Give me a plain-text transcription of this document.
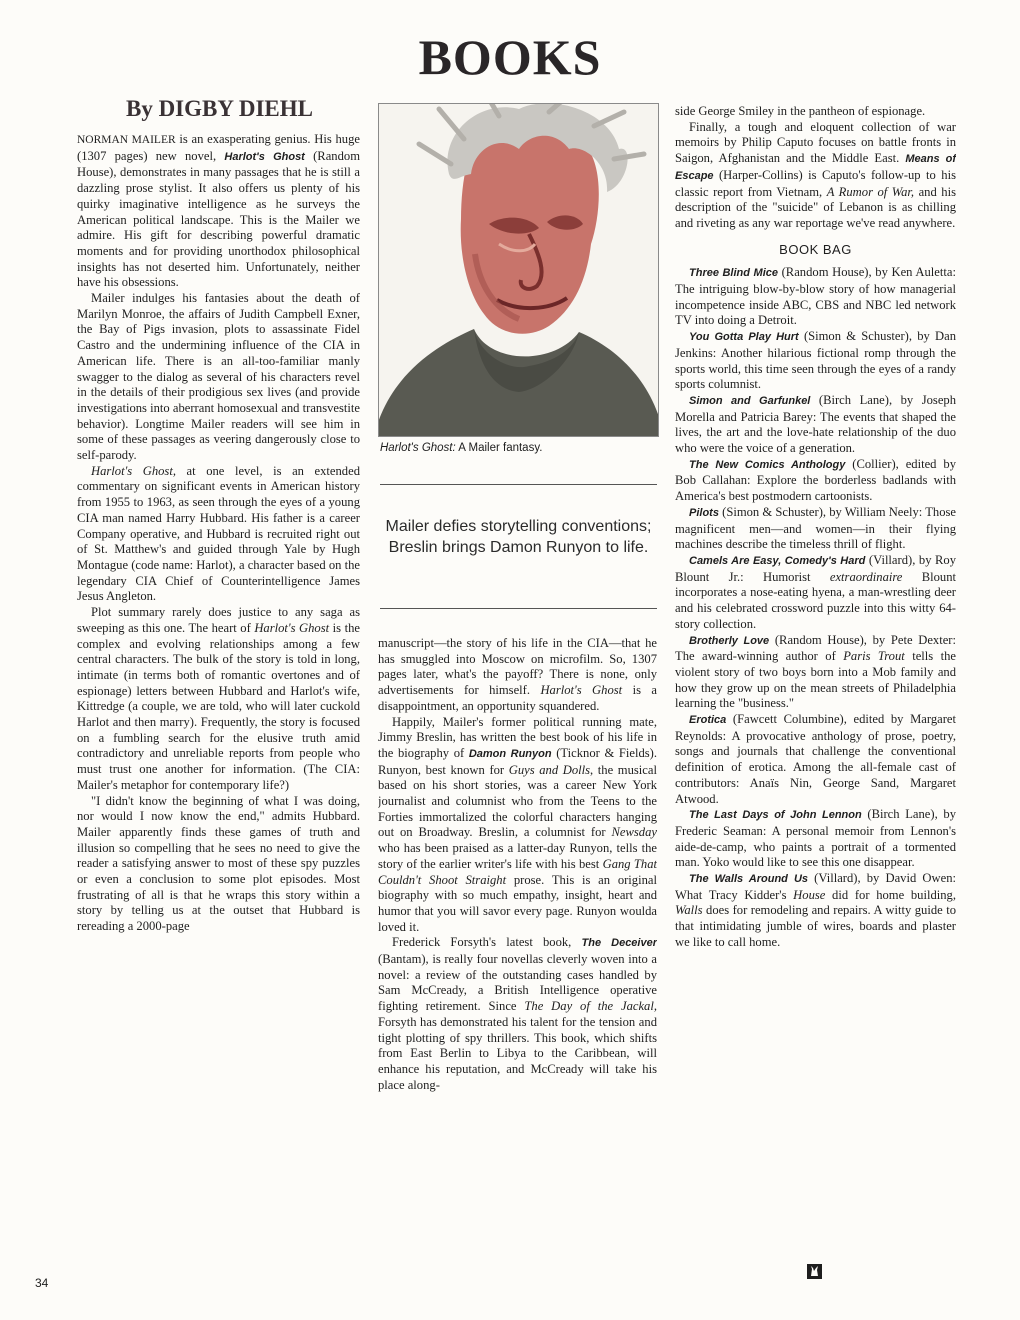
BOOKS
By DIGBY DIEHL

NORMAN MAILER is an exasperating genius. His huge (1307 pages) new novel, Harlot's Ghost (Random House), demonstrates in many passages that he is still a dazzling prose stylist. It also offers us plenty of his quirky imaginative intelligence as he surveys the American political landscape. This is the Mailer we admire. His gift for describing powerful dramatic moments and for providing unorthodox philosophical insights has not deserted him. Unfortunately, neither have his obsessions.

Mailer indulges his fantasies about the death of Marilyn Monroe, the affairs of Judith Campbell Exner, the Bay of Pigs invasion, plots to assassinate Fidel Castro and the undermining influence of the CIA in American life. There is an all-too-familiar manly swagger to the dialog as several of his characters revel in the details of their prodigious sex lives (and provide investigations into aberrant homosexual and transvestite behavior). Longtime Mailer readers will see him in some of these passages as veering dangerously close to self-parody.

Harlot's Ghost, at one level, is an extended commentary on significant events in American history from 1955 to 1963, as seen through the eyes of a young CIA man named Harry Hubbard. His father is a career Company operative, and Hubbard is recruited right out of St. Matthew's and guided through Yale by Hugh Montague (code name: Harlot), a character based on the legendary CIA Chief of Counterintelligence James Jesus Angleton.

Plot summary rarely does justice to any saga as sweeping as this one. The heart of Harlot's Ghost is the complex and evolving relationships among a few central characters. The bulk of the story is told in long, intimate (in terms both of romantic overtones and of espionage) letters between Hubbard and Harlot's wife, Kittredge (a couple, we are told, who will later cuckold Harlot and then marry). Frequently, the story is focused on a fumbling search for the elusive truth amid contradictory and unreliable reports from people who must trust one another for information. (The CIA: Mailer's metaphor for contemporary life?)

"I didn't know the beginning of what I was doing, nor would I now know the end," admits Hubbard. Mailer apparently finds these games of truth and illusion so compelling that he sees no need to give the reader a satisfying answer to most of these spy puzzles or even a conclusion to some plot episodes. Most frustrating of all is that he wraps this story within a story by telling us at the outset that Hubbard is rereading a 2000-page

Harlot's Ghost: A Mailer fantasy.
Mailer defies storytelling conventions; Breslin brings Damon Runyon to life.

manuscript—the story of his life in the CIA—that he has smuggled into Moscow on microfilm. So, 1307 pages later, what's the payoff? There is none, only advertisements for himself. Harlot's Ghost is a disappointment, an opportunity squandered.

Happily, Mailer's former political running mate, Jimmy Breslin, has written the best book of his life in the biography of Damon Runyon (Ticknor & Fields). Runyon, best known for Guys and Dolls, the musical based on his short stories, was a career New York journalist and columnist who from the Teens to the Forties immortalized the colorful characters hanging out on Broadway. Breslin, a columnist for Newsday who has been praised as a latter-day Runyon, tells the story of the earlier writer's life with his best Gang That Couldn't Shoot Straight prose. This is an original biography with so much empathy, insight, heart and humor that you will savor every page. Runyon woulda loved it.

Frederick Forsyth's latest book, The Deceiver (Bantam), is really four novellas cleverly woven into a novel: a review of the outstanding cases handled by Sam McCready, a British Intelligence operative fighting retirement. Since The Day of the Jackal, Forsyth has demonstrated his talent for the tension and tight plotting of spy thrillers. This book, which shifts from East Berlin to Libya to the Caribbean, will enhance his reputation, and McCready will take his place along-

side George Smiley in the pantheon of espionage.

Finally, a tough and eloquent collection of war memoirs by Philip Caputo focuses on battle fronts in Saigon, Afghanistan and the Middle East. Means of Escape (Harper-Collins) is Caputo's follow-up to his classic report from Vietnam, A Rumor of War, and his description of the "suicide" of Lebanon is as chilling and riveting as any war reportage we've read anywhere.

BOOK BAG

Three Blind Mice (Random House), by Ken Auletta: The intriguing blow-by-blow story of how managerial incompetence inside ABC, CBS and NBC led network TV into doing a Detroit.

You Gotta Play Hurt (Simon & Schuster), by Dan Jenkins: Another hilarious fictional romp through the sports world, this time seen through the eyes of a randy sports columnist.

Simon and Garfunkel (Birch Lane), by Joseph Morella and Patricia Barey: The events that shaped the lives, the art and the love-hate relationship of the duo who were the voice of a generation.

The New Comics Anthology (Collier), edited by Bob Callahan: Explore the borderless badlands with America's best postmodern cartoonists.

Pilots (Simon & Schuster), by William Neely: Those magnificent men—and women—in their flying machines describe the timeless thrill of flight.

Camels Are Easy, Comedy's Hard (Villard), by Roy Blount Jr.: Humorist extraordinaire Blount incorporates a nose-eating hyena, a man-wrestling deer and his celebrated crossword puzzle into this witty 64-story collection.

Brotherly Love (Random House), by Pete Dexter: The award-winning author of Paris Trout tells the violent story of two boys born into a Mob family and how they grow up on the mean streets of Philadelphia learning the "business."

Erotica (Fawcett Columbine), edited by Margaret Reynolds: A provocative anthology of prose, poetry, songs and journals that challenge the conventional definition of erotica. Among the all-female cast of contributors: Anaïs Nin, George Sand, Margaret Atwood.

The Last Days of John Lennon (Birch Lane), by Frederic Seaman: A personal memoir from Lennon's aide-de-camp, who paints a portrait of a tormented man. Yoko would like to see this one disappear.

The Walls Around Us (Villard), by David Owen: What Tracy Kidder's House did for home building, Walls does for remodeling and repairs. A witty guide to that intimidating jumble of wires, boards and plaster we like to call home.

34
